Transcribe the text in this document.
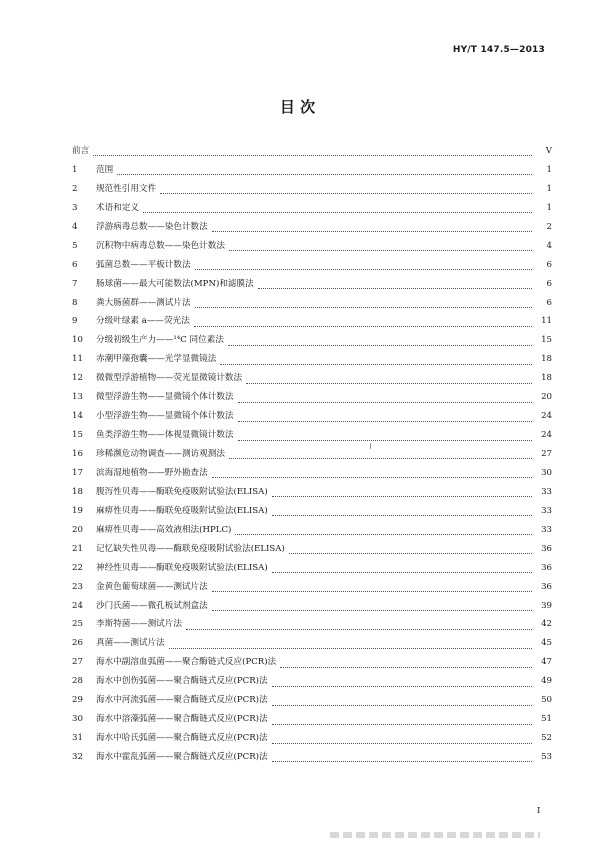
HY/T 147.5—2013
目 次
前言	V
1	范围	1
2	规范性引用文件	1
3	术语和定义	1
4	浮游病毒总数——染色计数法	2
5	沉积物中病毒总数——染色计数法	4
6	弧菌总数——平板计数法	6
7	肠球菌——最大可能数法(MPN)和滤膜法	6
8	粪大肠菌群——测试片法	6
9	分级叶绿素 a——荧光法	11
10	分级初级生产力——¹⁴C 同位素法	15
11	赤潮甲藻孢囊——光学显微镜法	18
12	微微型浮游植物——荧光显微镜计数法	18
13	微型浮游生物——显微镜个体计数法	20
14	小型浮游生物——显微镜个体计数法	24
15	鱼类浮游生物——体视显微镜计数法	24
16	珍稀濒危动物调查——测访观测法	27
17	滨海湿地植物——野外勘查法	30
18	腹泻性贝毒——酶联免疫吸附试验法(ELISA)	33
19	麻痹性贝毒——酶联免疫吸附试验法(ELISA)	33
20	麻痹性贝毒——高效液相法(HPLC)	33
21	记忆缺失性贝毒——酶联免疫吸附试验法(ELISA)	36
22	神经性贝毒——酶联免疫吸附试验法(ELISA)	36
23	金黄色葡萄球菌——测试片法	36
24	沙门氏菌——微孔板试剂盒法	39
25	李斯特菌——测试片法	42
26	真菌——测试片法	45
27	海水中副溶血弧菌——聚合酶链式反应(PCR)法	47
28	海水中创伤弧菌——聚合酶链式反应(PCR)法	49
29	海水中河流弧菌——聚合酶链式反应(PCR)法	50
30	海水中溶藻弧菌——聚合酶链式反应(PCR)法	51
31	海水中哈氏弧菌——聚合酶链式反应(PCR)法	52
32	海水中霍乱弧菌——聚合酶链式反应(PCR)法	53
I
